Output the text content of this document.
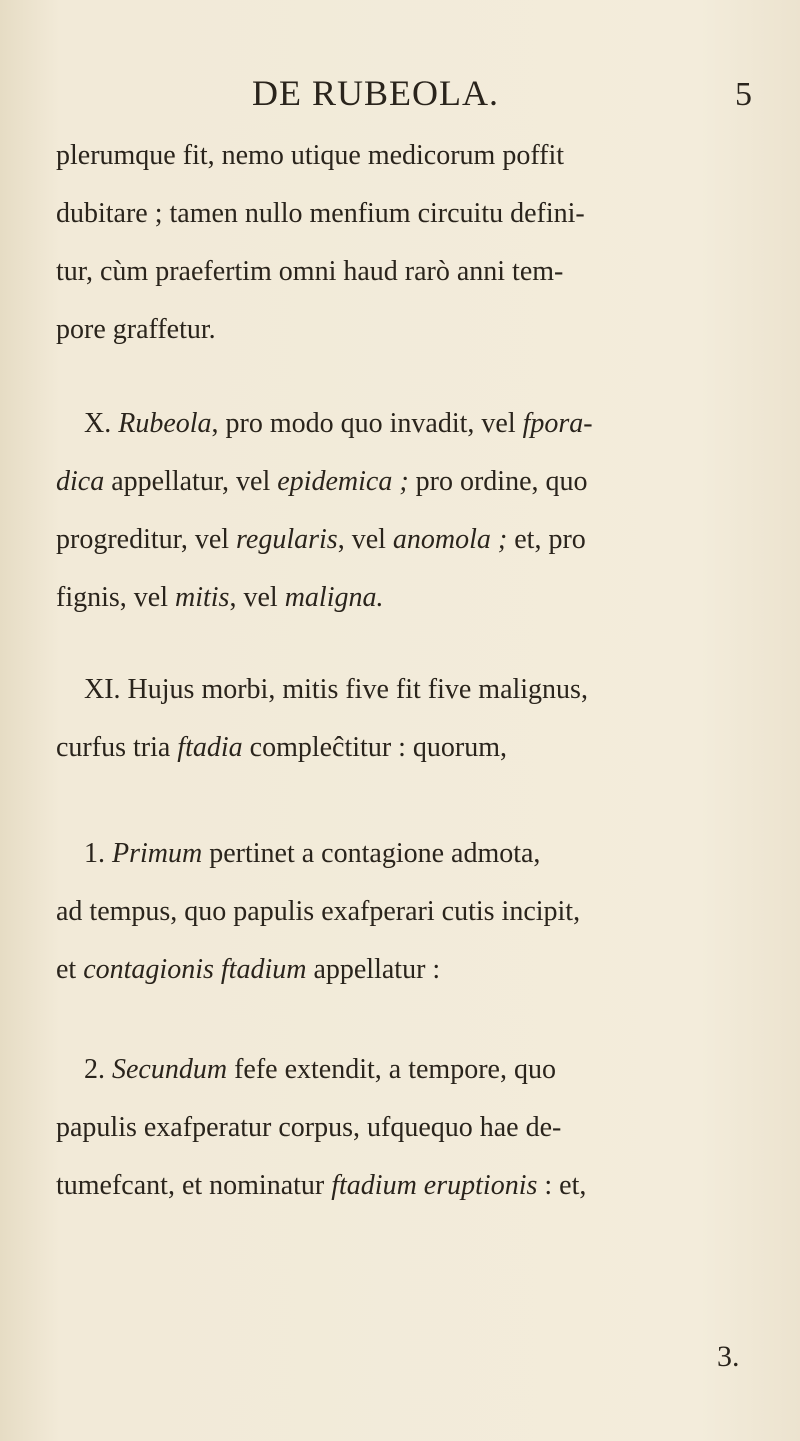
DE RUBEOLA.	5
plerumque fit, nemo utique medicorum poffit
dubitare ; tamen nullo menfium circuitu defini-
tur, cùm praefertim omni haud rarò anni tem-
pore graffetur.
X. Rubeola, pro modo quo invadit, vel fpora-
dica appellatur, vel epidemica ; pro ordine, quo
progreditur, vel regularis, vel anomola ; et, pro
fignis, vel mitis, vel maligna.
XI. Hujus morbi, mitis five fit five malignus,
curfus tria ftadia compleĉtitur : quorum,
1. Primum pertinet a contagione admota,
ad tempus, quo papulis exafperari cutis incipit,
et contagionis ftadium appellatur :
2. Secundum fefe extendit, a tempore, quo
papulis exafperatur corpus, ufquequo hae de-
tumefcant, et nominatur ftadium eruptionis : et,
3.
